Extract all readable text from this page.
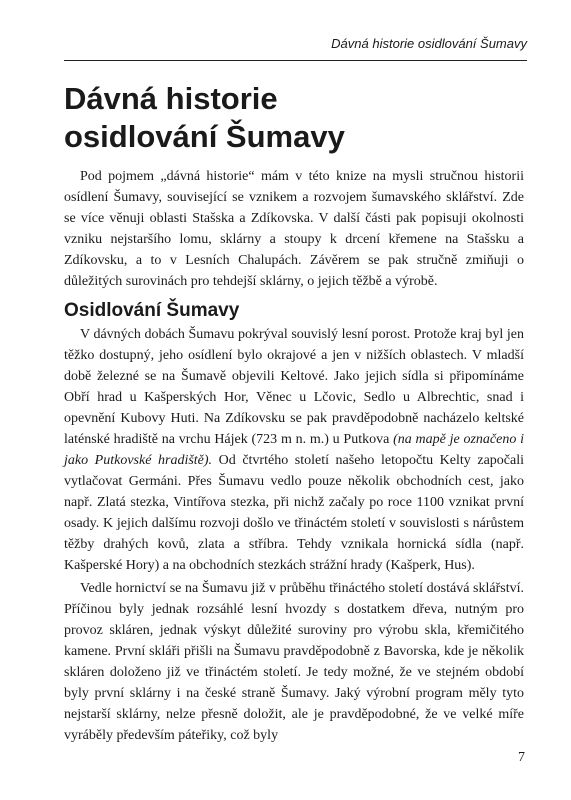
Dávná historie osidlování Šumavy
Dávná historie
osidlování Šumavy

Pod pojmem „dávná historie“ mám v této knize na mysli stručnou historii osídlení Šumavy, související se vznikem a rozvojem šumavského sklářství. Zde se více věnuji oblasti Stašska a Zdíkovska. V další části pak popisuji okolnosti vzniku nejstaršího lomu, sklárny a stoupy k drcení křemene na Stašsku a Zdíkovsku, a to v Lesních Chalupách. Závěrem se pak stručně zmiňuji o důležitých surovinách pro tehdejší sklárny, o jejich těžbě a výrobě.

Osidlování Šumavy

V dávných dobách Šumavu pokrýval souvislý lesní porost. Protože kraj byl jen těžko dostupný, jeho osídlení bylo okrajové a jen v nižších oblastech. V mladší době železné se na Šumavě objevili Keltové. Jako jejich sídla si připomínáme Obří hrad u Kašperských Hor, Věnec u Lčovic, Sedlo u Albrechtic, snad i opevnění Kubovy Huti. Na Zdíkovsku se pak pravděpodobně nacházelo keltské laténské hradiště na vrchu Hájek (723 m n. m.) u Putkova (na mapě je označeno i jako Putkovské hradiště). Od čtvrtého století našeho letopočtu Kelty započali vytlačovat Germáni. Přes Šumavu vedlo pouze několik obchodních cest, jako např. Zlatá stezka, Vintířova stezka, při nichž začaly po roce 1100 vznikat první osady. K jejich dalšímu rozvoji došlo ve třináctém století v souvislosti s nárůstem těžby drahých kovů, zlata a stříbra. Tehdy vznikala hornická sídla (např. Kašperské Hory) a na obchodních stezkách strážní hrady (Kašperk, Hus).

Vedle hornictví se na Šumavu již v průběhu třináctého století dostává sklářství. Příčinou byly jednak rozsáhlé lesní hvozdy s dostatkem dřeva, nutným pro provoz skláren, jednak výskyt důležité suroviny pro výrobu skla, křemičitého kamene. První skláři přišli na Šumavu pravděpodobně z Bavorska, kde je několik skláren doloženo již ve třináctém století. Je tedy možné, že ve stejném období byly první sklárny i na české straně Šumavy. Jaký výrobní program měly tyto nejstarší sklárny, nelze přesně doložit, ale je pravděpodobné, že ve velké míře vyráběly především páteřiky, což byly

7
